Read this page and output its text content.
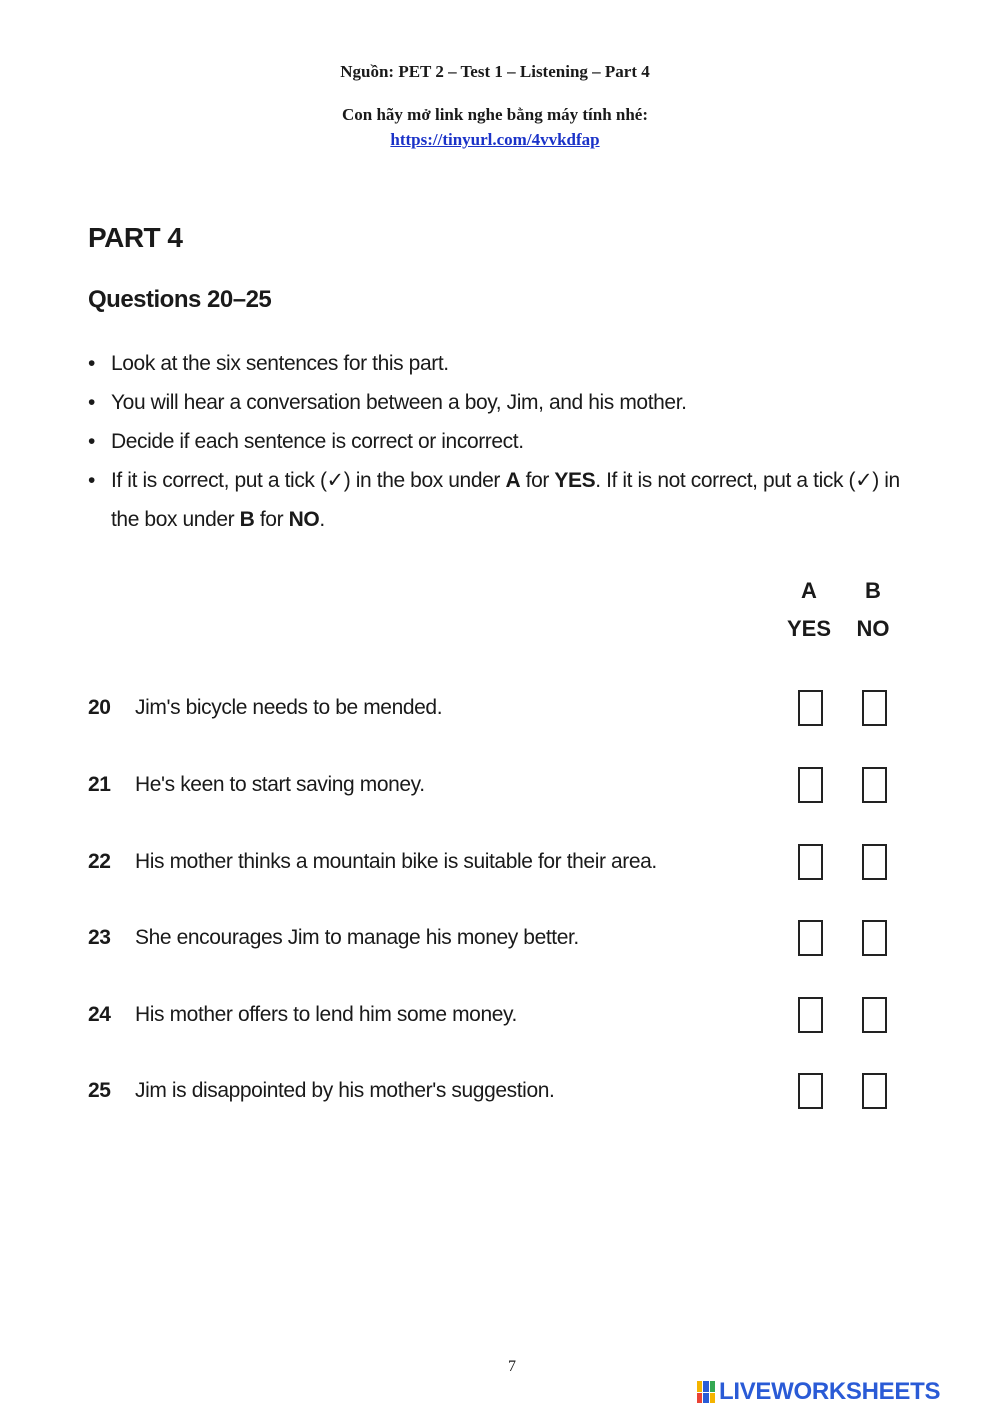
Nguồn: PET 2 – Test 1 – Listening – Part 4
Con hãy mở link nghe bằng máy tính nhé:
https://tinyurl.com/4vvkdfap
PART 4
Questions 20–25
• Look at the six sentences for this part.
• You will hear a conversation between a boy, Jim, and his mother.
• Decide if each sentence is correct or incorrect.
• If it is correct, put a tick (✓) in the box under A for YES. If it is not correct, put a tick (✓) in the box under B for NO.
A
YES
B
NO
20 Jim's bicycle needs to be mended.
21 He's keen to start saving money.
22 His mother thinks a mountain bike is suitable for their area.
23 She encourages Jim to manage his money better.
24 His mother offers to lend him some money.
25 Jim is disappointed by his mother's suggestion.
7
LIVEWORKSHEETS
